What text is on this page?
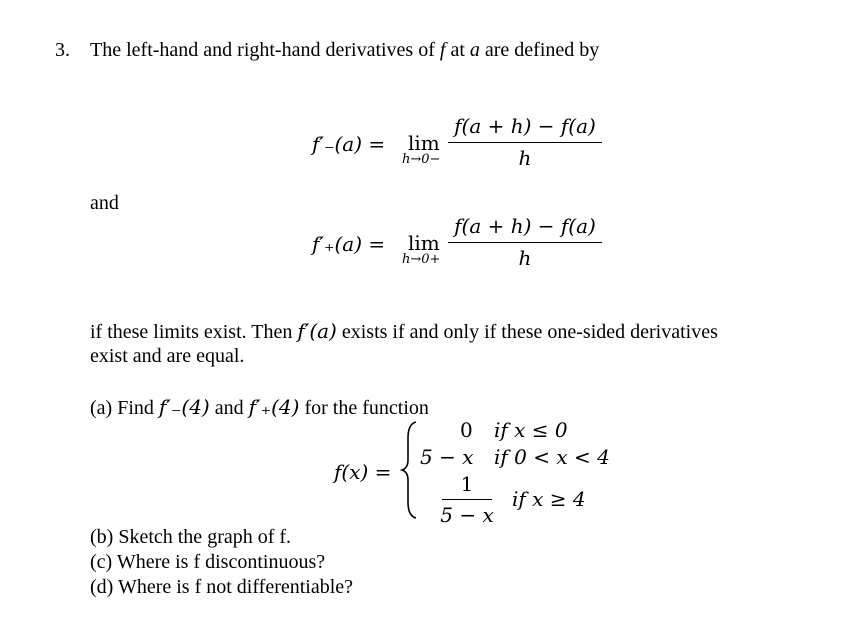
3. The left-hand and right-hand derivatives of f at a are defined by
f′₋(a) = lim
h→0−
f(a + h) − f(a)
h
and
f′₊(a) = lim
h→0+
f(a + h) − f(a)
h
if these limits exist. Then f′(a) exists if and only if these one-sided derivatives
exist and are equal.
(a) Find f′₋(4) and f′₊(4) for the function
f(x) =
0 if x ≤ 0
5 − x if 0 < x < 4
1
5 − x
if x ≥ 4
(b) Sketch the graph of f.
(c) Where is f discontinuous?
(d) Where is f not differentiable?
